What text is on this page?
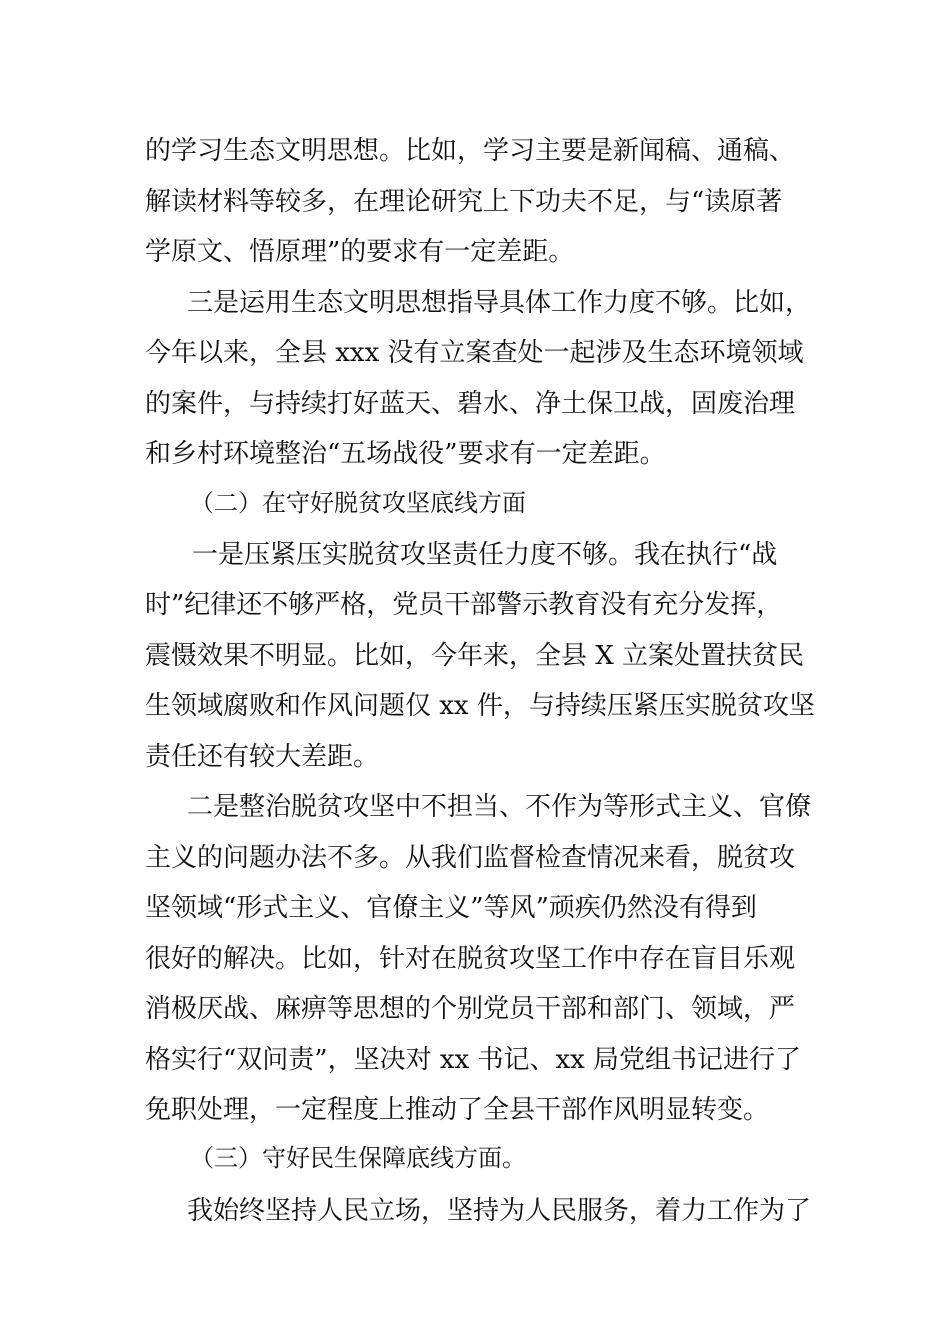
的学习生态文明思想。比如，学习主要是新闻稿、通稿、
解读材料等较多，在理论研究上下功夫不足，与“读原著
学原文、悟原理”的要求有一定差距。
三是运用生态文明思想指导具体工作力度不够。比如，
今年以来，全县 xxx 没有立案查处一起涉及生态环境领域
的案件，与持续打好蓝天、碧水、净土保卫战，固废治理
和乡村环境整治“五场战役”要求有一定差距。
（二）在守好脱贫攻坚底线方面
一是压紧压实脱贫攻坚责任力度不够。我在执行“战
时”纪律还不够严格，党员干部警示教育没有充分发挥，
震慑效果不明显。比如，今年来，全县 X 立案处置扶贫民
生领域腐败和作风问题仅 xx 件，与持续压紧压实脱贫攻坚
责任还有较大差距。
二是整治脱贫攻坚中不担当、不作为等形式主义、官僚
主义的问题办法不多。从我们监督检查情况来看，脱贫攻
坚领域“形式主义、官僚主义”等风”顽疾仍然没有得到
很好的解决。比如，针对在脱贫攻坚工作中存在盲目乐观
消极厌战、麻痹等思想的个别党员干部和部门、领域，严
格实行“双问责”，坚决对 xx 书记、xx 局党组书记进行了
免职处理，一定程度上推动了全县干部作风明显转变。
（三）守好民生保障底线方面。
我始终坚持人民立场，坚持为人民服务，着力工作为了
